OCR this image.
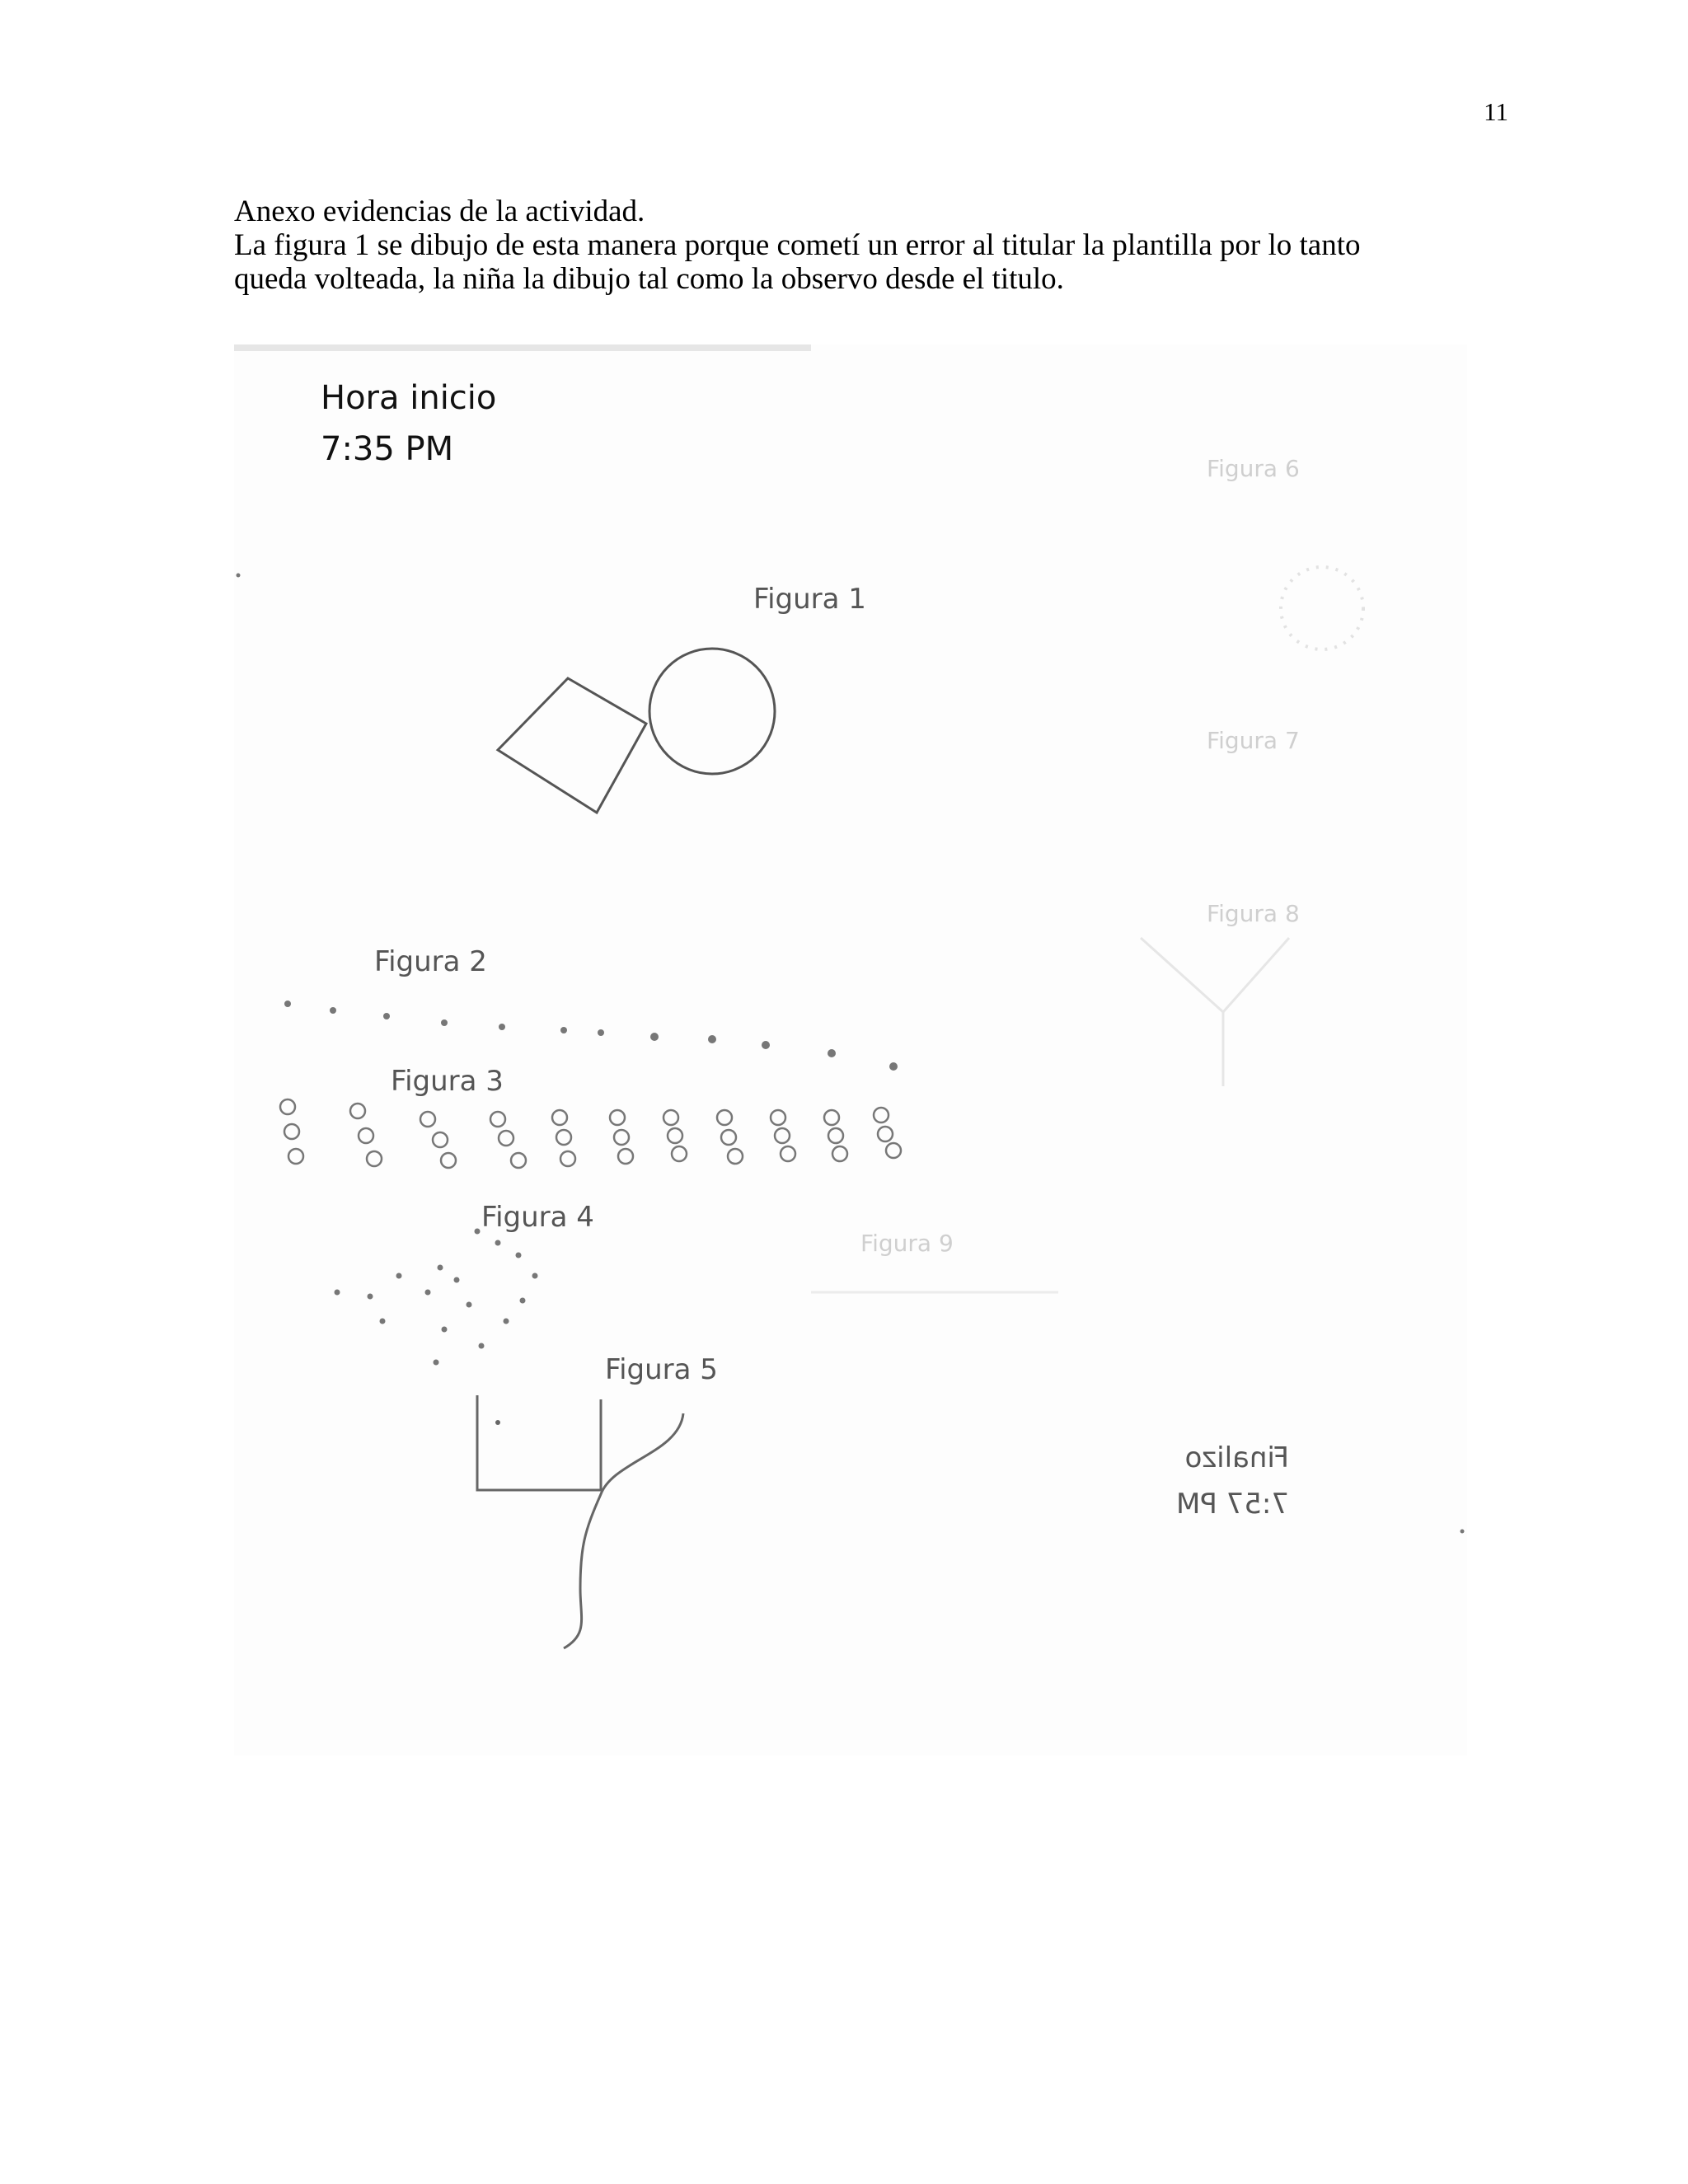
11

Anexo evidencias de la actividad.

La figura 1 se dibujo de esta manera porque cometí un error al titular la plantilla por lo tanto

queda volteada, la niña la dibujo tal como la observo desde el titulo.

Hora inicio
7:35 PM
Figura 6
Figura 7
Figura 8
Figura 9
Figura 1
Figura 2
Figura 3
Figura 4
Figura 5
Finalizo
7:57 PM
